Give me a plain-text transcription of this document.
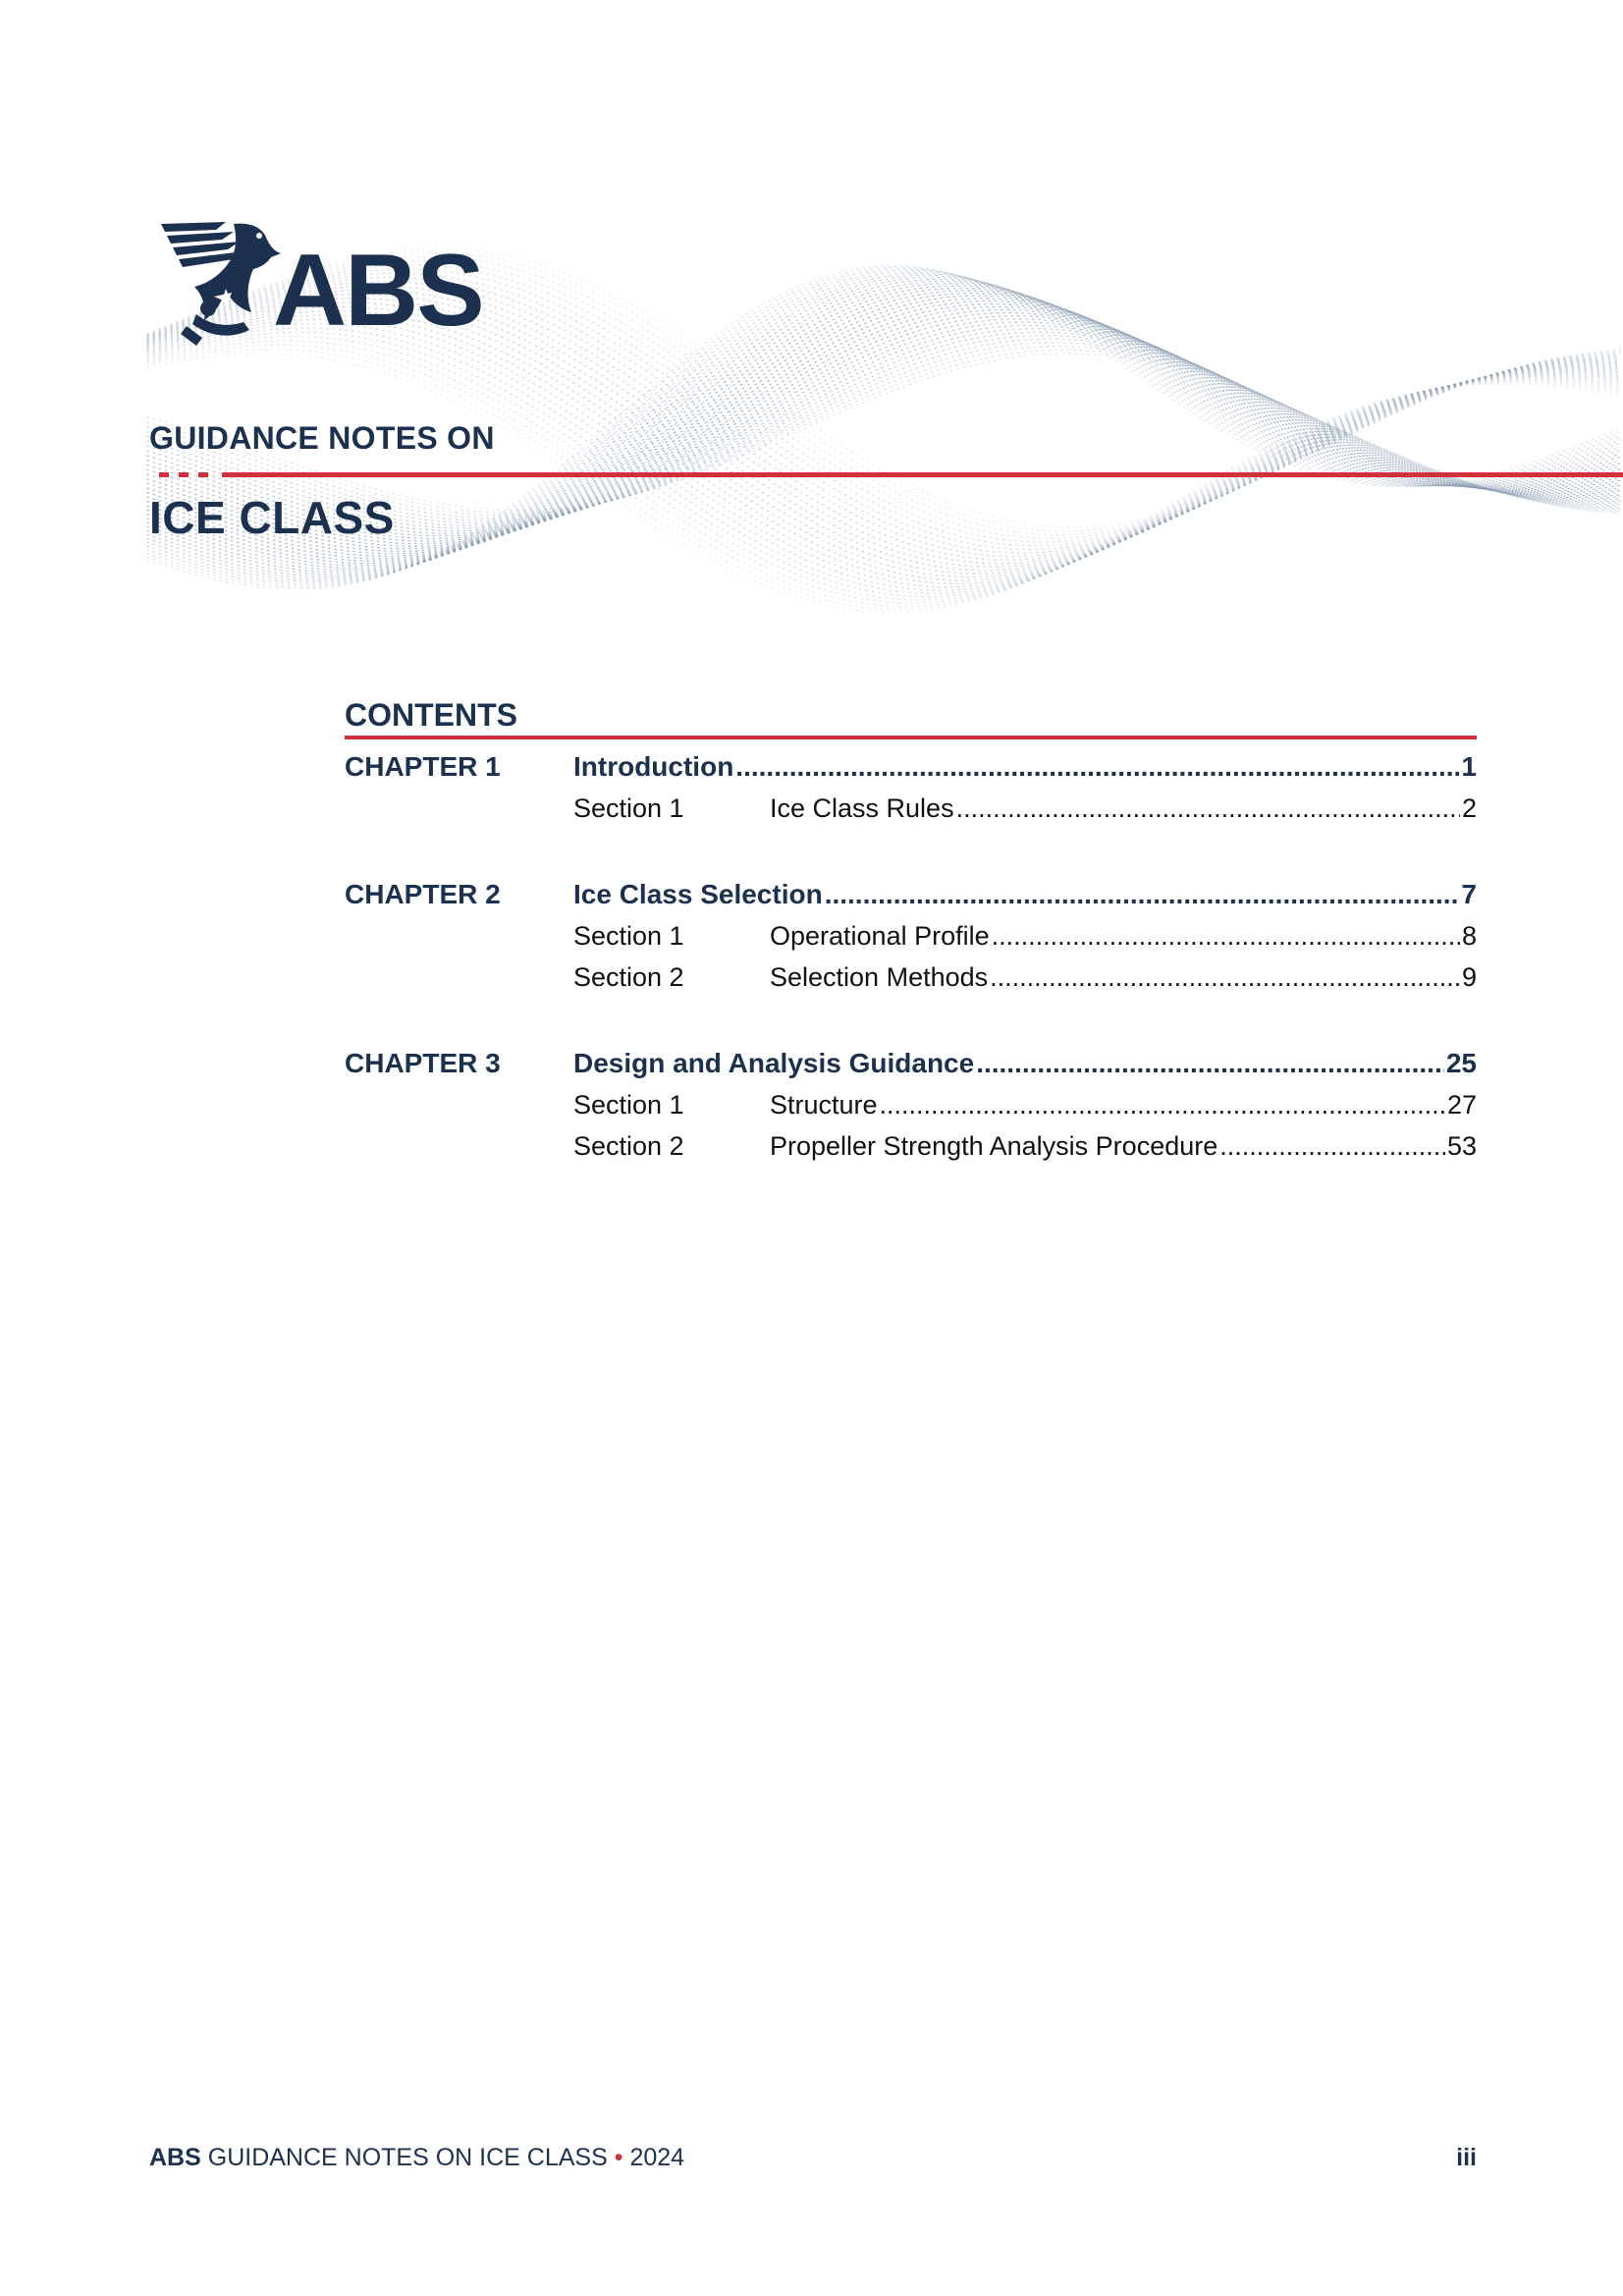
ABS
GUIDANCE NOTES ON
ICE CLASS
CONTENTS
CHAPTER 1	Introduction .....	1
Section 1	Ice Class Rules .....	2
CHAPTER 2	Ice Class Selection .....	7
Section 1	Operational Profile .....	8
Section 2	Selection Methods .....	9
CHAPTER 3	Design and Analysis Guidance .....	25
Section 1	Structure .....	27
Section 2	Propeller Strength Analysis Procedure .....	53
ABS GUIDANCE NOTES ON ICE CLASS • 2024	iii
